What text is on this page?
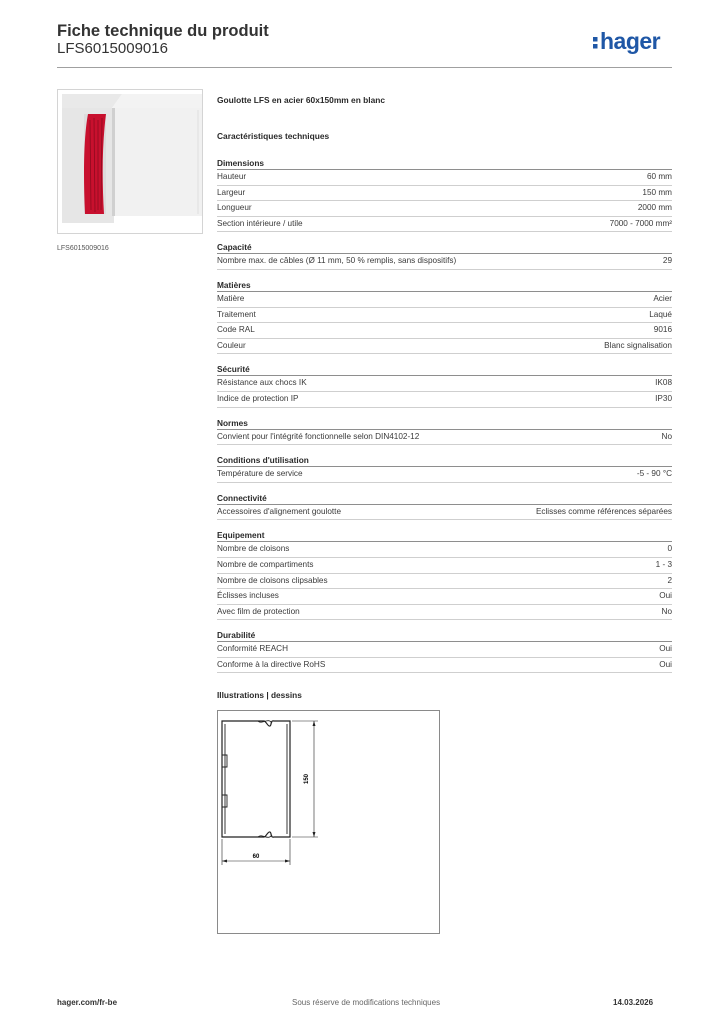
Fiche technique du produit
LFS6015009016	hager
LFS6015009016
Goulotte LFS en acier 60x150mm en blanc
Caractéristiques techniques
Dimensions
Hauteur	60 mm
Largeur	150 mm
Longueur	2000 mm
Section intérieure / utile	7000 - 7000 mm²
Capacité
Nombre max. de câbles (Ø 11 mm, 50 % remplis, sans dispositifs)	29
Matières
Matière	Acier
Traitement	Laqué
Code RAL	9016
Couleur	Blanc signalisation
Sécurité
Résistance aux chocs IK	IK08
Indice de protection IP	IP30
Normes
Convient pour l'intégrité fonctionnelle selon DIN4102-12	No
Conditions d'utilisation
Température de service	-5 - 90 °C
Connectivité
Accessoires d'alignement goulotte	Eclisses comme références séparées
Equipement
Nombre de cloisons	0
Nombre de compartiments	1 - 3
Nombre de cloisons clipsables	2
Éclisses incluses	Oui
Avec film de protection	No
Durabilité
Conformité REACH	Oui
Conforme à la directive RoHS	Oui
Illustrations | dessins
150
60
hager.com/fr-be	Sous réserve de modifications techniques	14.03.2026
